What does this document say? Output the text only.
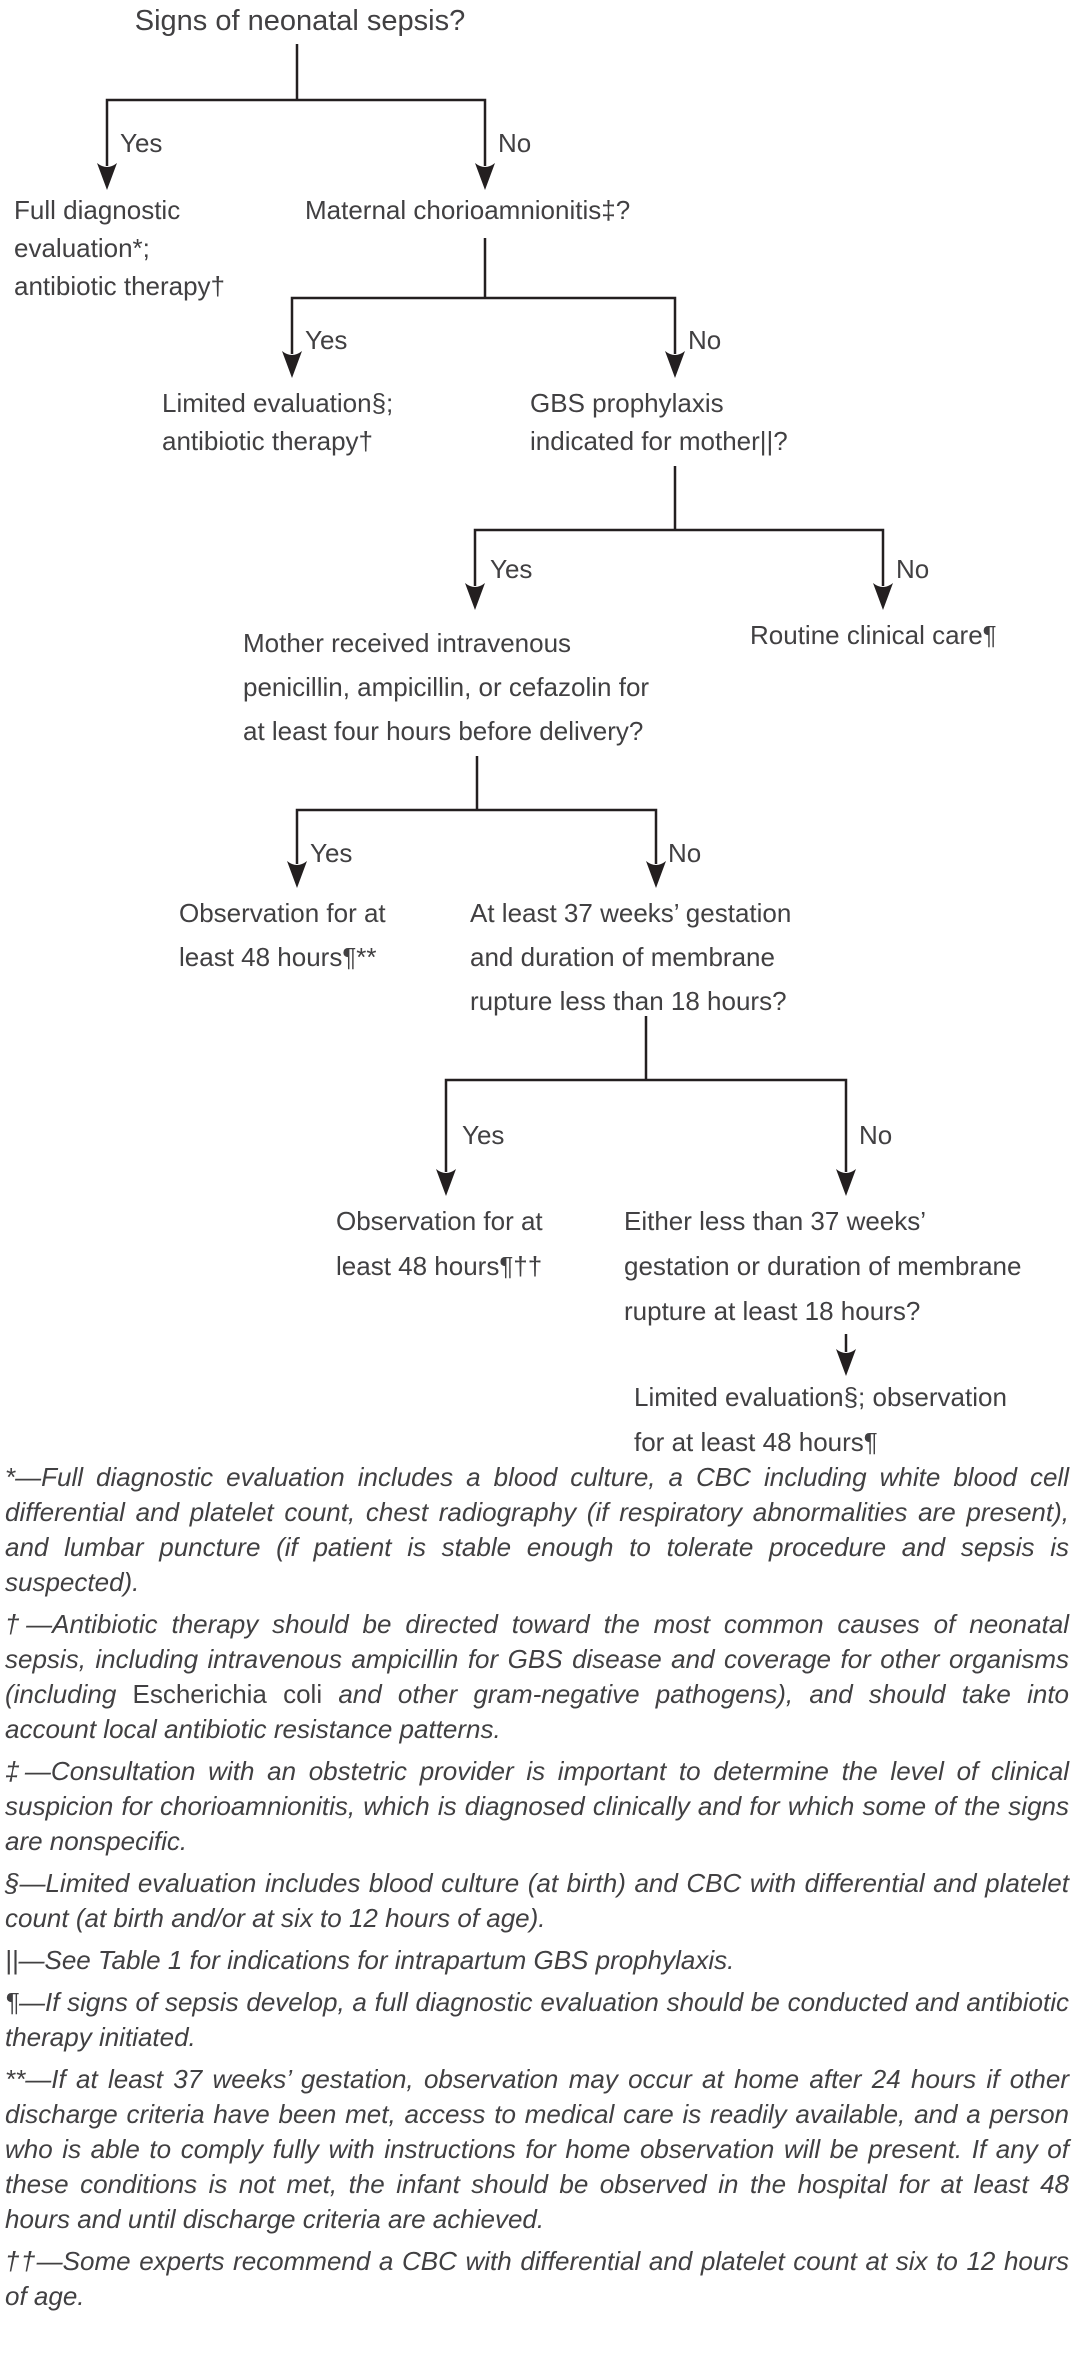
Signs of neonatal sepsis?
Yes	No
Full diagnostic
evaluation*;
antibiotic therapy†
Maternal chorioamnionitis‡?
Yes	No
Limited evaluation§;
antibiotic therapy†
GBS prophylaxis
indicated for mother||?
Yes	No
Mother received intravenous
penicillin, ampicillin, or cefazolin for
at least four hours before delivery?
Routine clinical care¶
Yes	No
Observation for at
least 48 hours¶**
At least 37 weeks’ gestation
and duration of membrane
rupture less than 18 hours?
Yes	No
Observation for at
least 48 hours¶††
Either less than 37 weeks’
gestation or duration of membrane
rupture at least 18 hours?
Limited evaluation§; observation
for at least 48 hours¶
*—Full diagnostic evaluation includes a blood culture, a CBC including white blood cell differential and platelet count, chest radiography (if respiratory abnormalities are present), and lumbar puncture (if patient is stable enough to tolerate procedure and sepsis is suspected).
†—Antibiotic therapy should be directed toward the most common causes of neonatal sepsis, including intravenous ampicillin for GBS disease and coverage for other organisms (including Escherichia coli and other gram-negative pathogens), and should take into account local antibiotic resistance patterns.
‡—Consultation with an obstetric provider is important to determine the level of clinical suspicion for chorioamnionitis, which is diagnosed clinically and for which some of the signs are nonspecific.
§—Limited evaluation includes blood culture (at birth) and CBC with differential and platelet count (at birth and/or at six to 12 hours of age).
||—See Table 1 for indications for intrapartum GBS prophylaxis.
¶—If signs of sepsis develop, a full diagnostic evaluation should be conducted and antibiotic therapy initiated.
**—If at least 37 weeks’ gestation, observation may occur at home after 24 hours if other discharge criteria have been met, access to medical care is readily available, and a person who is able to comply fully with instructions for home observation will be present. If any of these conditions is not met, the infant should be observed in the hospital for at least 48 hours and until discharge criteria are achieved.
††—Some experts recommend a CBC with differential and platelet count at six to 12 hours of age.
